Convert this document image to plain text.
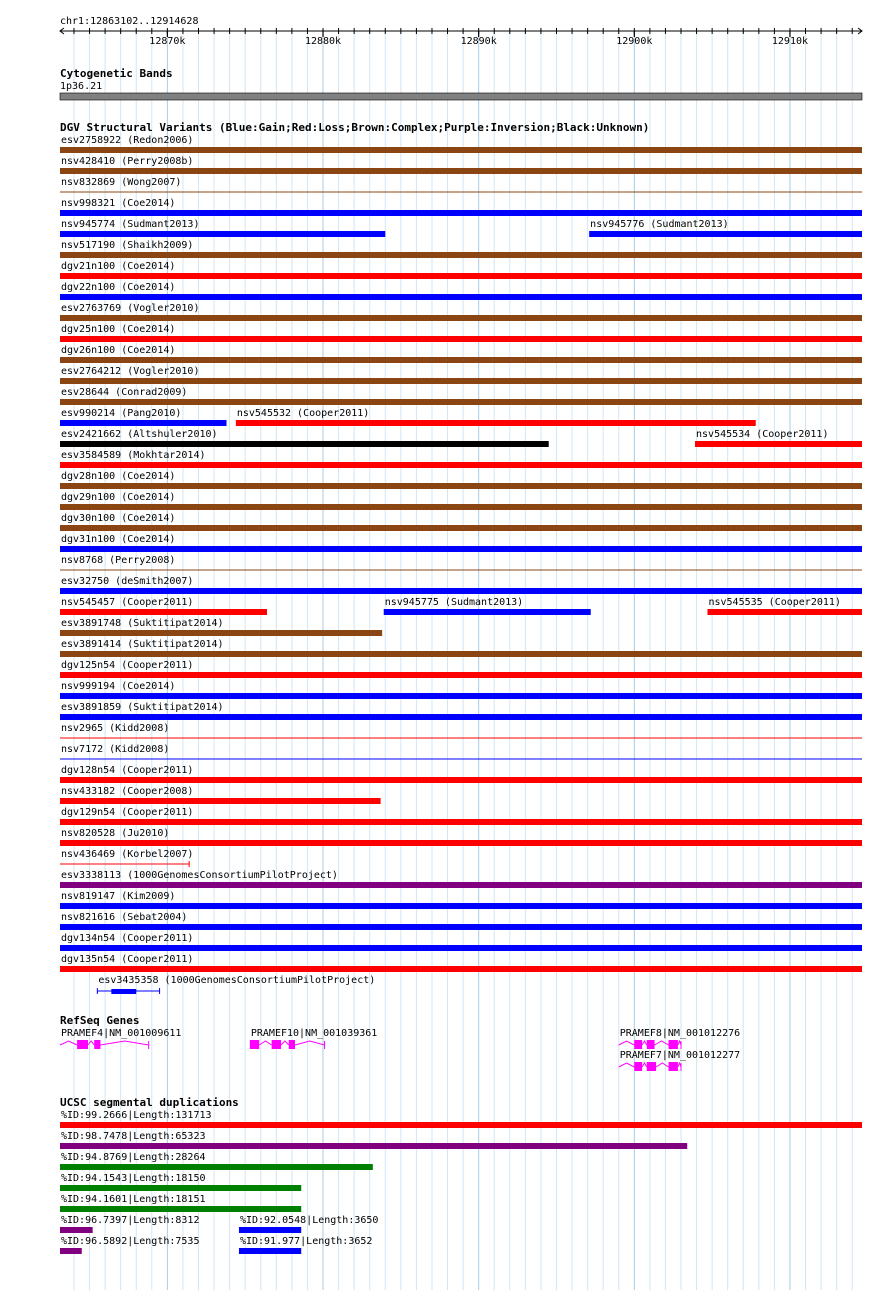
chr1:12863102..12914628
12870k	12880k	12890k	12900k	12910k
Cytogenetic Bands
1p36.21
DGV Structural Variants (Blue:Gain;Red:Loss;Brown:Complex;Purple:Inversion;Black:Unknown)
esv2758922 (Redon2006)
nsv428410 (Perry2008b)
nsv832869 (Wong2007)
nsv998321 (Coe2014)
nsv945774 (Sudmant2013)	nsv945776 (Sudmant2013)
nsv517190 (Shaikh2009)
dgv21n100 (Coe2014)
dgv22n100 (Coe2014)
esv2763769 (Vogler2010)
dgv25n100 (Coe2014)
dgv26n100 (Coe2014)
esv2764212 (Vogler2010)
esv28644 (Conrad2009)
esv990214 (Pang2010)	nsv545532 (Cooper2011)
esv2421662 (Altshuler2010)	nsv545534 (Cooper2011)
esv3584589 (Mokhtar2014)
dgv28n100 (Coe2014)
dgv29n100 (Coe2014)
dgv30n100 (Coe2014)
dgv31n100 (Coe2014)
nsv8768 (Perry2008)
esv32750 (deSmith2007)
nsv545457 (Cooper2011)	nsv945775 (Sudmant2013)	nsv545535 (Cooper2011)
esv3891748 (Suktitipat2014)
esv3891414 (Suktitipat2014)
dgv125n54 (Cooper2011)
nsv999194 (Coe2014)
esv3891859 (Suktitipat2014)
nsv2965 (Kidd2008)
nsv7172 (Kidd2008)
dgv128n54 (Cooper2011)
nsv433182 (Cooper2008)
dgv129n54 (Cooper2011)
nsv820528 (Ju2010)
nsv436469 (Korbel2007)
esv3338113 (1000GenomesConsortiumPilotProject)
nsv819147 (Kim2009)
nsv821616 (Sebat2004)
dgv134n54 (Cooper2011)
dgv135n54 (Cooper2011)
esv3435358 (1000GenomesConsortiumPilotProject)
RefSeq Genes
PRAMEF4|NM_001009611	PRAMEF10|NM_001039361	PRAMEF8|NM_001012276
PRAMEF7|NM_001012277
UCSC segmental duplications
%ID:99.2666|Length:131713
%ID:98.7478|Length:65323
%ID:94.8769|Length:28264
%ID:94.1543|Length:18150
%ID:94.1601|Length:18151
%ID:96.7397|Length:8312	%ID:92.0548|Length:3650
%ID:96.5892|Length:7535	%ID:91.977|Length:3652
